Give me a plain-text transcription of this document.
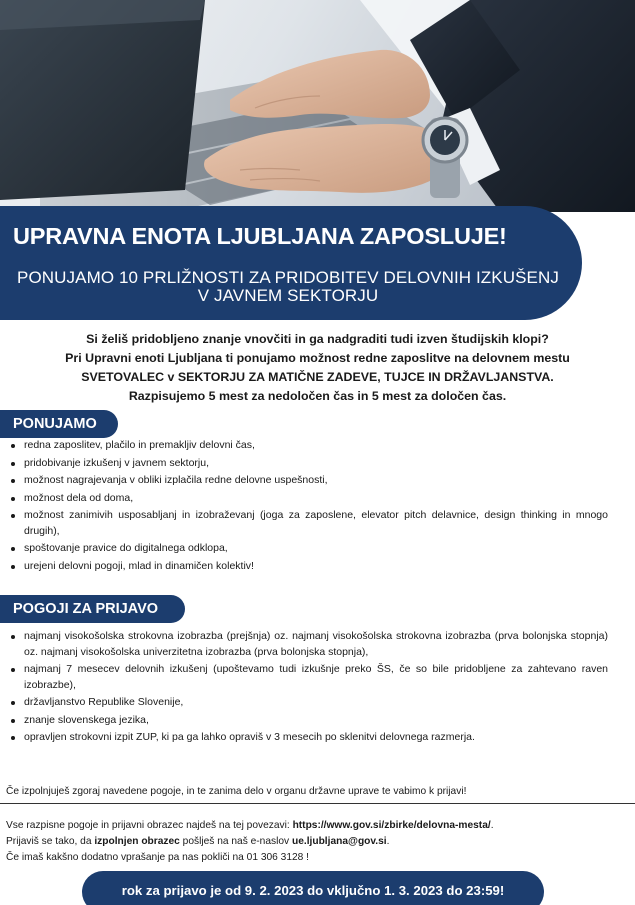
UPRAVNA ENOTA LJUBLJANA ZAPOSLUJE!
PONUJAMO 10 PRLIŽNOSTI ZA PRIDOBITEV DELOVNIH IZKUŠENJ V JAVNEM SEKTORJU
Si želiš pridobljeno znanje vnovčiti in ga nadgraditi tudi izven študijskih klopi?
Pri Upravni enoti Ljubljana ti ponujamo možnost redne zaposlitve na delovnem mestu
SVETOVALEC v SEKTORJU ZA MATIČNE ZADEVE, TUJCE IN DRŽAVLJANSTVA.
Razpisujemo 5 mest za nedoločen čas in 5 mest za določen čas.
PONUJAMO
redna zaposlitev, plačilo in premakljiv delovni čas,
pridobivanje izkušenj v javnem sektorju,
možnost nagrajevanja v obliki izplačila redne delovne uspešnosti,
možnost dela od doma,
možnost zanimivih usposabljanj in izobraževanj (joga za zaposlene, elevator pitch delavnice, design thinking in mnogo drugih),
spoštovanje pravice do digitalnega odklopa,
urejeni delovni pogoji, mlad in dinamičen kolektiv!
POGOJI ZA PRIJAVO
najmanj visokošolska strokovna izobrazba (prejšnja) oz. najmanj visokošolska strokovna izobrazba (prva bolonjska stopnja) oz. najmanj visokošolska univerzitetna izobrazba (prva bolonjska stopnja),
najmanj 7 mesecev delovnih izkušenj (upoštevamo tudi izkušnje preko ŠS, če so bile pridobljene za zahtevano raven izobrazbe),
državljanstvo Republike Slovenije,
znanje slovenskega jezika,
opravljen strokovni izpit ZUP, ki pa ga lahko opraviš v 3 mesecih po sklenitvi delovnega razmerja.
Če izpolnjuješ zgoraj navedene pogoje, in te zanima delo v organu državne uprave te vabimo k prijavi!
Vse razpisne pogoje in prijavni obrazec najdeš na tej povezavi: https://www.gov.si/zbirke/delovna-mesta/.
Prijaviš se tako, da izpolnjen obrazec pošlješ na naš e-naslov ue.ljubljana@gov.si.
Če imaš kakšno dodatno vprašanje pa nas pokliči na 01 306 3128 !
rok za prijavo je od 9. 2. 2023 do vključno 1. 3. 2023 do 23:59!
